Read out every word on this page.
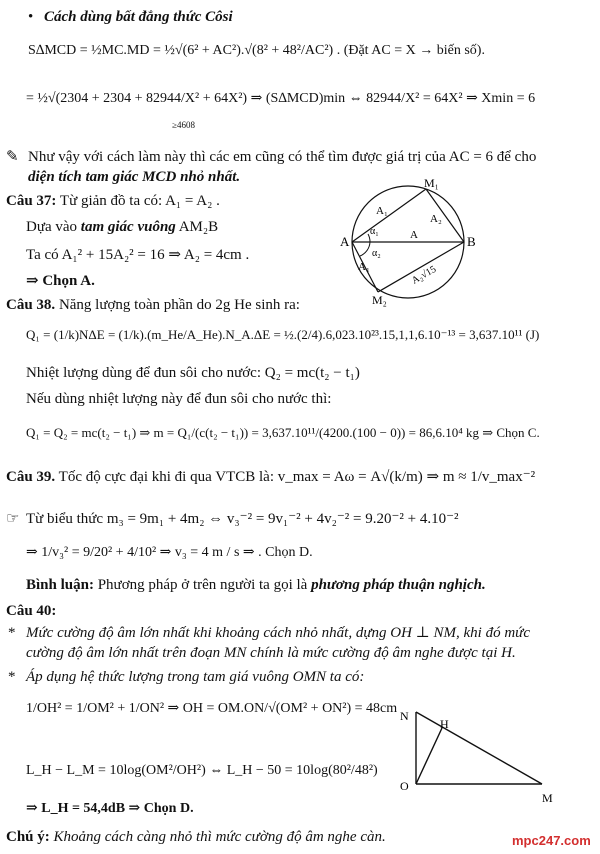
• Cách dùng bất đẳng thức Côsi
S∆MCD = ½MC.MD = ½√(6² + AC²).√(8² + 48²/AC²) . (Đặt AC = X → biến số).
= ½√(2304 + 2304 + 82944/X² + 64X²) ⇒ (S∆MCD)min ⇔ 82944/X² = 64X² ⇒ Xmin = 6
≥4608
✎ Như vậy với cách làm này thì các em cũng có thể tìm được giá trị của AC = 6 để cho
diện tích tam giác MCD nhỏ nhất.
Câu 37: Từ giản đồ ta có: A₁ = A₂ .
Dựa vào tam giác vuông AM₂B
Ta có A₁² + 15A₂² = 16 ⇒ A₂ = 4cm .
⇒ Chọn A.
A	B
M₁
M₂
A₁
A₂
A
A₁
α₁
α₂
A₂√15
Câu 38. Năng lượng toàn phần do 2g He sinh ra:
Q₁ = (1/k)NΔE = (1/k).(m_He/A_He).N_A.ΔE = ½.(2/4).6,023.10²³.15,1,1,6.10⁻¹³ = 3,637.10¹¹ (J)
Nhiệt lượng dùng để đun sôi cho nước: Q₂ = mc(t₂ − t₁)
Nếu dùng nhiệt lượng này để đun sôi cho nước thì:
Q₁ = Q₂ = mc(t₂ − t₁) ⇒ m = Q₁/(c(t₂ − t₁)) = 3,637.10¹¹/(4200.(100 − 0)) = 86,6.10⁴ kg ⇒ Chọn C.
Câu 39. Tốc độ cực đại khi đi qua VTCB là: v_max = Aω = A√(k/m) ⇒ m ≈ 1/v_max⁻²
☞ Từ biểu thức m₃ = 9m₁ + 4m₂ ⇔ v₃⁻² = 9v₁⁻² + 4v₂⁻² = 9.20⁻² + 4.10⁻²
⇒ 1/v₃² = 9/20² + 4/10² ⇒ v₃ = 4 m / s ⇒ . Chọn D.
Bình luận: Phương pháp ở trên người ta gọi là phương pháp thuận nghịch.
Câu 40:
* Mức cường độ âm lớn nhất khi khoảng cách nhỏ nhất, dựng OH ⊥ NM, khi đó mức
cường độ âm lớn nhất trên đoạn MN chính là mức cường độ âm nghe được tại H.
* Áp dụng hệ thức lượng trong tam giá vuông OMN ta có:
1/OH² = 1/OM² + 1/ON² ⇒ OH = OM.ON/√(OM² + ON²) = 48cm
L_H − L_M = 10log(OM²/OH²) ⇔ L_H − 50 = 10log(80²/48²)
⇒ L_H = 54,4dB ⇒ Chọn D.
N
H
O
M
Chú ý: Khoảng cách càng nhỏ thì mức cường độ âm nghe càn.	mpc247.com
